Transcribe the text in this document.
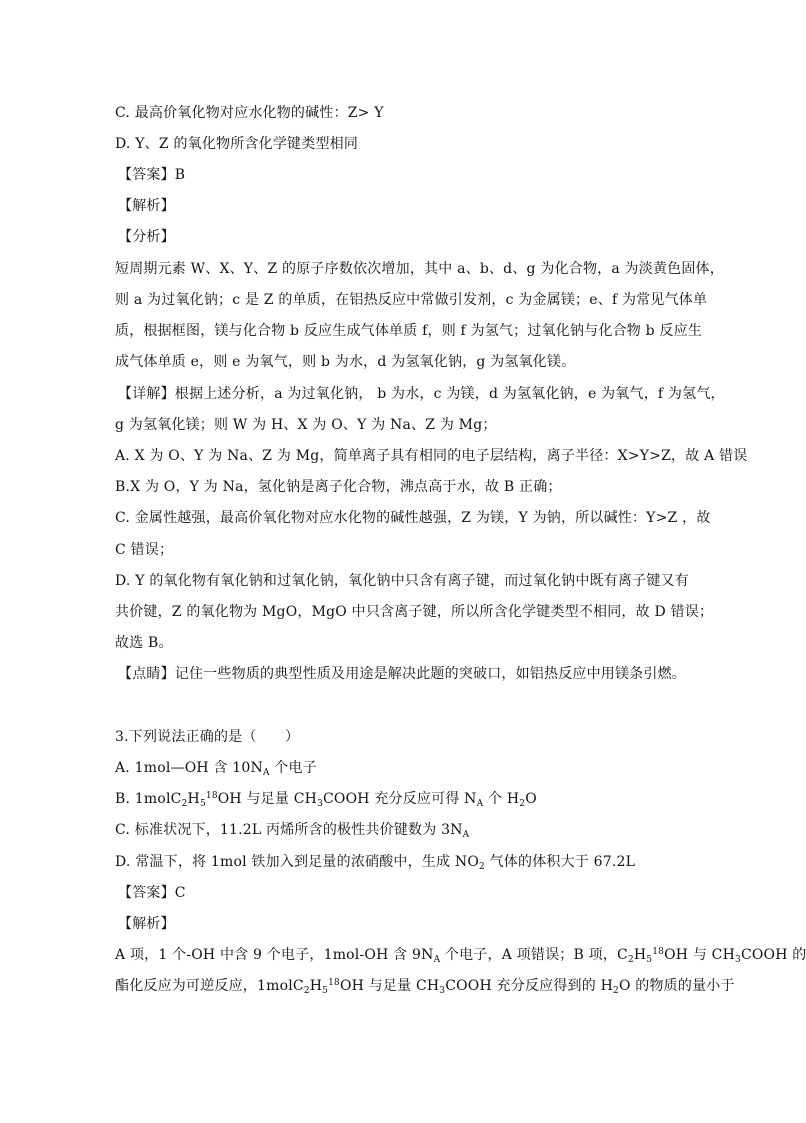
C. 最高价氧化物对应水化物的碱性：Z> Y
D. Y、Z 的氧化物所含化学键类型相同
【答案】B
【解析】
【分析】
短周期元素 W、X、Y、Z 的原子序数依次增加，其中 a、b、d、g 为化合物，a 为淡黄色固体，
则 a 为过氧化钠；c 是 Z 的单质，在铝热反应中常做引发剂，c 为金属镁；e、f 为常见气体单
质，根据框图，镁与化合物 b 反应生成气体单质 f，则 f 为氢气；过氧化钠与化合物 b 反应生
成气体单质 e，则 e 为氧气，则 b 为水，d 为氢氧化钠，g 为氢氧化镁。
【详解】根据上述分析，a 为过氧化钠， b 为水，c 为镁，d 为氢氧化钠，e 为氧气，f 为氢气，
g 为氢氧化镁；则 W 为 H、X 为 O、Y 为 Na、Z 为 Mg；
A. X 为 O、Y 为 Na、Z 为 Mg，简单离子具有相同的电子层结构，离子半径：X>Y>Z，故 A 错误
B.X 为 O，Y 为 Na，氢化钠是离子化合物，沸点高于水，故 B 正确；
C. 金属性越强，最高价氧化物对应水化物的碱性越强，Z 为镁，Y 为钠，所以碱性：Y>Z ，故
C 错误；
D. Y 的氧化物有氧化钠和过氧化钠，氧化钠中只含有离子键，而过氧化钠中既有离子键又有
共价键，Z 的氧化物为 MgO，MgO 中只含离子键，所以所含化学键类型不相同，故 D 错误；
故选 B。
【点睛】记住一些物质的典型性质及用途是解决此题的突破口，如铝热反应中用镁条引燃。
3.下列说法正确的是（　　）
A. 1mol—OH 含 $10N_A$ 个电子
B. $1molC_2H_5^{18}OH$ 与足量 $CH_3COOH$ 充分反应可得 $N_A$ 个 $H_2O$
C. 标准状况下，11.2L 丙烯所含的极性共价键数为 $3N_A$
D. 常温下，将 1mol 铁加入到足量的浓硝酸中，生成 $NO_2$ 气体的体积大于 67.2L
【答案】C
【解析】
A 项，1 个-OH 中含 9 个电子，1mol-OH 含 $9N_A$ 个电子，A 项错误；B 项，$C_2H_5^{18}OH$ 与 $CH_3COOH$ 的
酯化反应为可逆反应，$1molC_2H_5^{18}OH$ 与足量 $CH_3COOH$ 充分反应得到的 $H_2O$ 的物质的量小于
